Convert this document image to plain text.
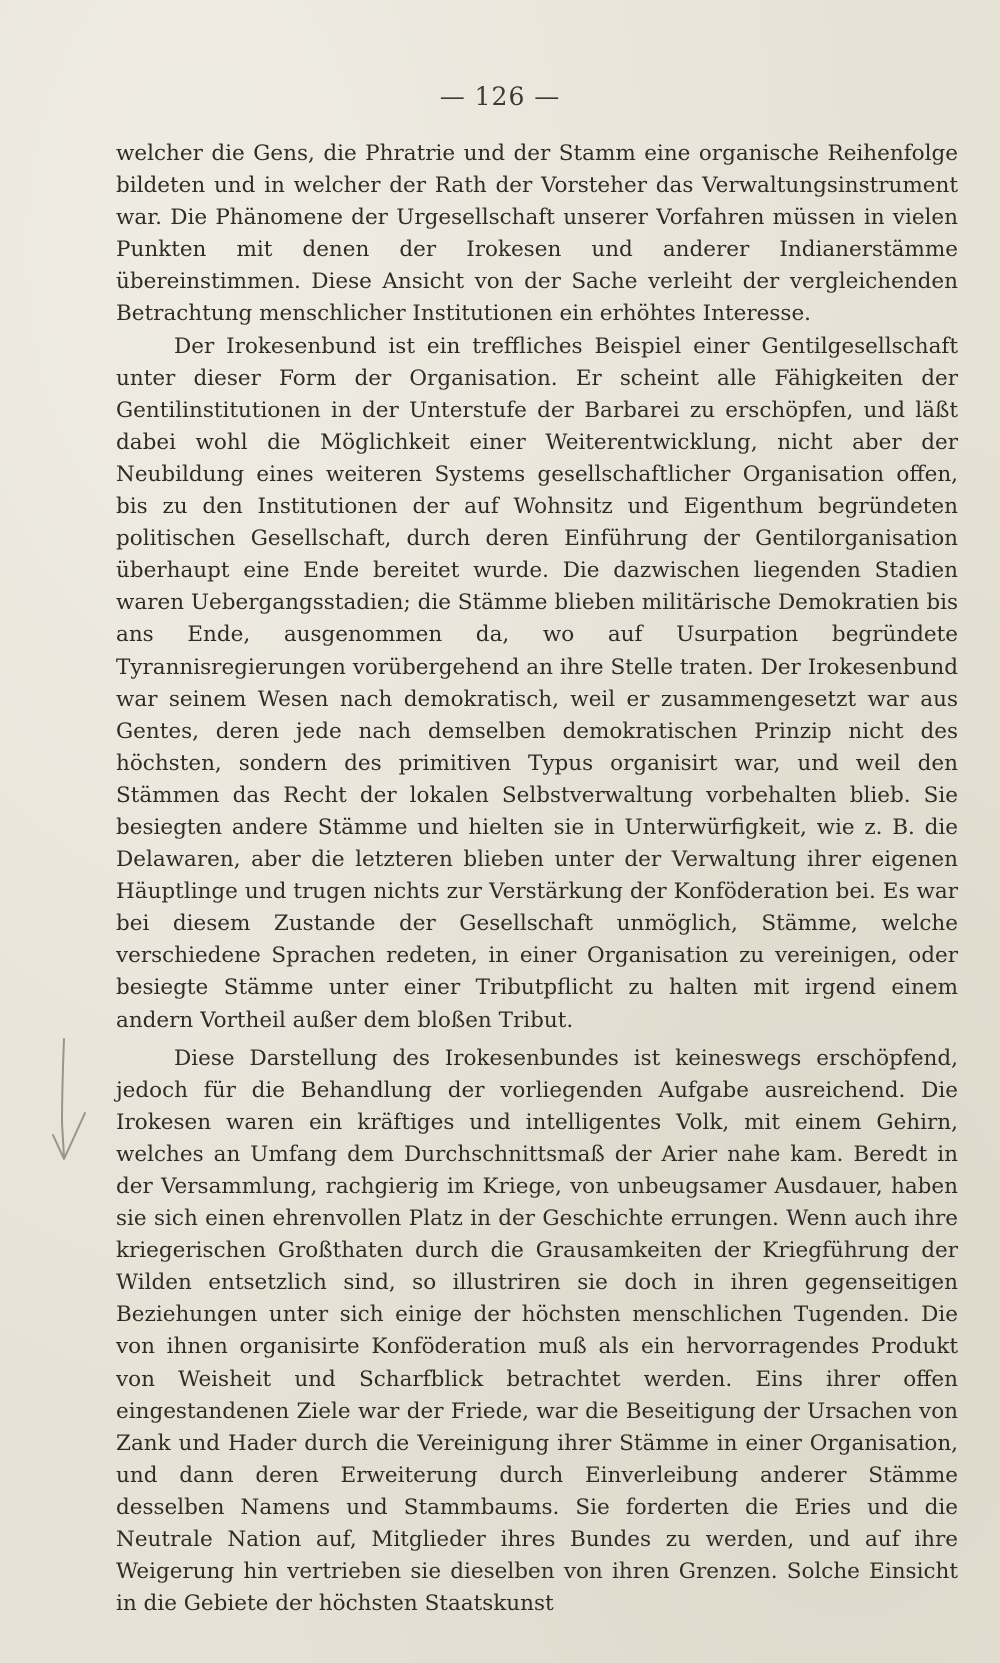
— 126 —

welcher die Gens, die Phratrie und der Stamm eine organische Reihenfolge bildeten und in welcher der Rath der Vorsteher das Verwaltungsinstrument war. Die Phänomene der Urgesellschaft unserer Vorfahren müssen in vielen Punkten mit denen der Irokesen und anderer Indianerstämme übereinstimmen. Diese Ansicht von der Sache verleiht der vergleichenden Betrachtung menschlicher Institutionen ein erhöhtes Interesse.

Der Irokesenbund ist ein treffliches Beispiel einer Gentilgesellschaft unter dieser Form der Organisation. Er scheint alle Fähigkeiten der Gentilinstitutionen in der Unterstufe der Barbarei zu erschöpfen, und läßt dabei wohl die Möglichkeit einer Weiterentwicklung, nicht aber der Neubildung eines weiteren Systems gesellschaftlicher Organisation offen, bis zu den Institutionen der auf Wohnsitz und Eigenthum begründeten politischen Gesellschaft, durch deren Einführung der Gentilorganisation überhaupt eine Ende bereitet wurde. Die dazwischen liegenden Stadien waren Uebergangsstadien; die Stämme blieben militärische Demokratien bis ans Ende, ausgenommen da, wo auf Usurpation begründete Tyrannisregierungen vorübergehend an ihre Stelle traten. Der Irokesenbund war seinem Wesen nach demokratisch, weil er zusammengesetzt war aus Gentes, deren jede nach demselben demokratischen Prinzip nicht des höchsten, sondern des primitiven Typus organisirt war, und weil den Stämmen das Recht der lokalen Selbstverwaltung vorbehalten blieb. Sie besiegten andere Stämme und hielten sie in Unterwürfigkeit, wie z. B. die Delawaren, aber die letzteren blieben unter der Verwaltung ihrer eigenen Häuptlinge und trugen nichts zur Verstärkung der Konföderation bei. Es war bei diesem Zustande der Gesellschaft unmöglich, Stämme, welche verschiedene Sprachen redeten, in einer Organisation zu vereinigen, oder besiegte Stämme unter einer Tributpflicht zu halten mit irgend einem andern Vortheil außer dem bloßen Tribut.

Diese Darstellung des Irokesenbundes ist keineswegs erschöpfend, jedoch für die Behandlung der vorliegenden Aufgabe ausreichend. Die Irokesen waren ein kräftiges und intelligentes Volk, mit einem Gehirn, welches an Umfang dem Durchschnittsmaß der Arier nahe kam. Beredt in der Versammlung, rachgierig im Kriege, von unbeugsamer Ausdauer, haben sie sich einen ehrenvollen Platz in der Geschichte errungen. Wenn auch ihre kriegerischen Großthaten durch die Grausamkeiten der Kriegführung der Wilden entsetzlich sind, so illustriren sie doch in ihren gegenseitigen Beziehungen unter sich einige der höchsten menschlichen Tugenden. Die von ihnen organisirte Konföderation muß als ein hervorragendes Produkt von Weisheit und Scharfblick betrachtet werden. Eins ihrer offen eingestandenen Ziele war der Friede, war die Beseitigung der Ursachen von Zank und Hader durch die Vereinigung ihrer Stämme in einer Organisation, und dann deren Erweiterung durch Einverleibung anderer Stämme desselben Namens und Stammbaums. Sie forderten die Eries und die Neutrale Nation auf, Mitglieder ihres Bundes zu werden, und auf ihre Weigerung hin vertrieben sie dieselben von ihren Grenzen. Solche Einsicht in die Gebiete der höchsten Staatskunst
